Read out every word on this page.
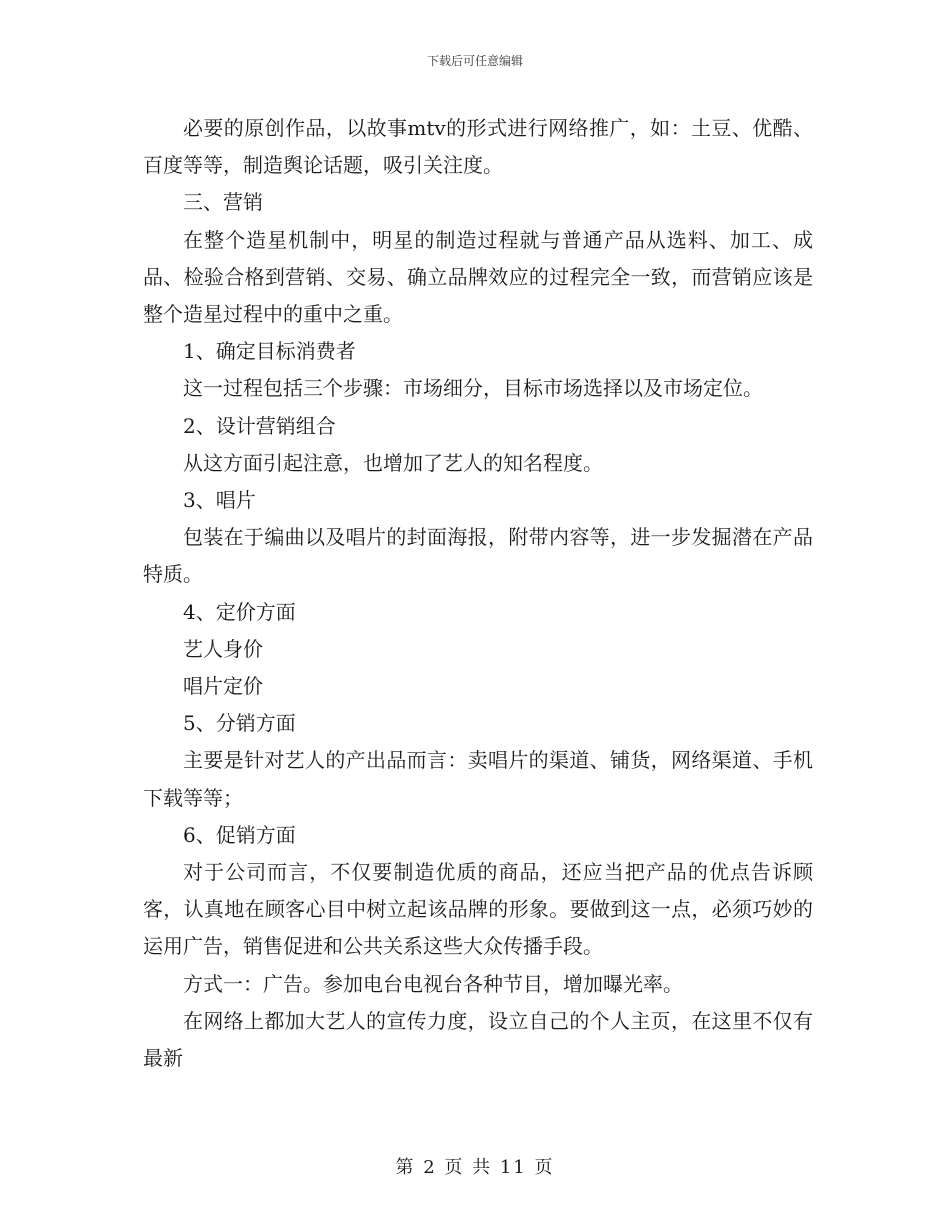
下载后可任意编辑

必要的原创作品，以故事mtv的形式进行网络推广，如：土豆、优酷、百度等等，制造舆论话题，吸引关注度。

三、营销

在整个造星机制中，明星的制造过程就与普通产品从选料、加工、成品、检验合格到营销、交易、确立品牌效应的过程完全一致，而营销应该是整个造星过程中的重中之重。

1、确定目标消费者

这一过程包括三个步骤：市场细分，目标市场选择以及市场定位。

2、设计营销组合

从这方面引起注意，也增加了艺人的知名程度。

3、唱片

包装在于编曲以及唱片的封面海报，附带内容等，进一步发掘潜在产品特质。

4、定价方面

艺人身价

唱片定价

5、分销方面

主要是针对艺人的产出品而言：卖唱片的渠道、铺货，网络渠道、手机下载等等；

6、促销方面

对于公司而言，不仅要制造优质的商品，还应当把产品的优点告诉顾客，认真地在顾客心目中树立起该品牌的形象。要做到这一点，必须巧妙的运用广告，销售促进和公共关系这些大众传播手段。

方式一：广告。参加电台电视台各种节目，增加曝光率。

在网络上都加大艺人的宣传力度，设立自己的个人主页，在这里不仅有最新

第 2 页 共 11 页
